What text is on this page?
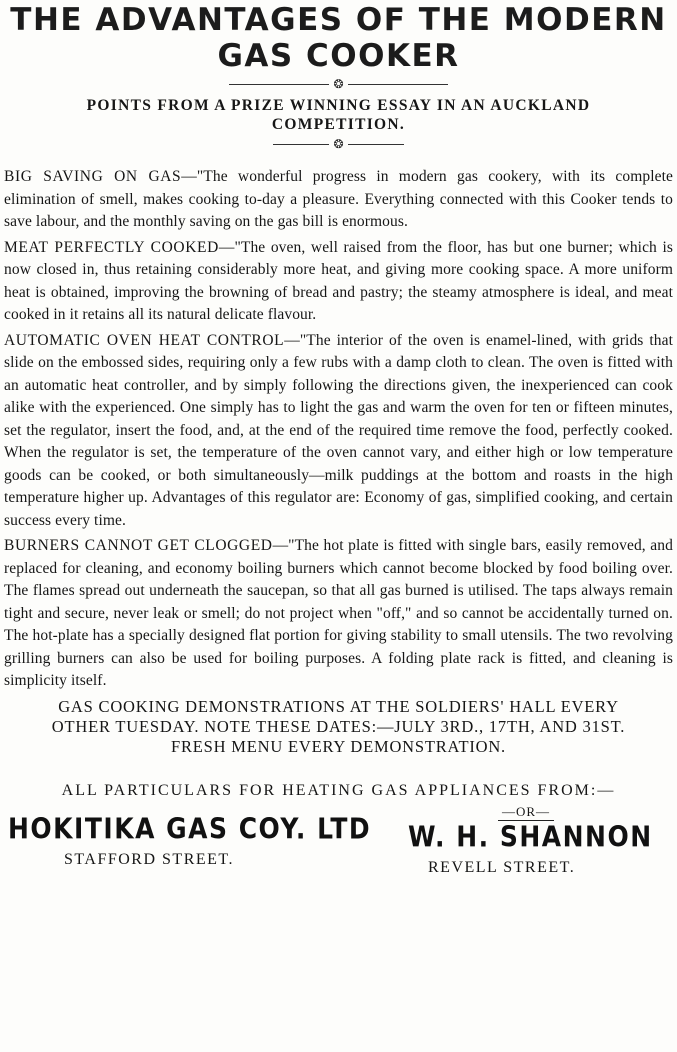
THE ADVANTAGES OF THE MODERN
GAS COOKER
❂
POINTS FROM A PRIZE WINNING ESSAY IN AN AUCKLAND
COMPETITION.
❂

BIG SAVING ON GAS—"The wonderful progress in modern gas cookery, with its complete elimination of smell, makes cooking to-day a pleasure. Everything connected with this Cooker tends to save labour, and the monthly saving on the gas bill is enormous.

MEAT PERFECTLY COOKED—"The oven, well raised from the floor, has but one burner; which is now closed in, thus retaining considerably more heat, and giving more cooking space. A more uniform heat is obtained, improving the browning of bread and pastry; the steamy atmosphere is ideal, and meat cooked in it retains all its natural delicate flavour.

AUTOMATIC OVEN HEAT CONTROL—"The interior of the oven is enamel-lined, with grids that slide on the embossed sides, requiring only a few rubs with a damp cloth to clean. The oven is fitted with an automatic heat controller, and by simply following the directions given, the inexperienced can cook alike with the experienced. One simply has to light the gas and warm the oven for ten or fifteen minutes, set the regulator, insert the food, and, at the end of the required time remove the food, perfectly cooked. When the regulator is set, the temperature of the oven cannot vary, and either high or low temperature goods can be cooked, or both simultaneously—milk puddings at the bottom and roasts in the high temperature higher up. Advantages of this regulator are: Economy of gas, simplified cooking, and certain success every time.

BURNERS CANNOT GET CLOGGED—"The hot plate is fitted with single bars, easily removed, and replaced for cleaning, and economy boiling burners which cannot become blocked by food boiling over. The flames spread out underneath the saucepan, so that all gas burned is utilised. The taps always remain tight and secure, never leak or smell; do not project when "off," and so cannot be accidentally turned on. The hot-plate has a specially designed flat portion for giving stability to small utensils. The two revolving grilling burners can also be used for boiling purposes. A folding plate rack is fitted, and cleaning is simplicity itself.

GAS COOKING DEMONSTRATIONS AT THE SOLDIERS' HALL EVERY
OTHER TUESDAY. NOTE THESE DATES:—JULY 3RD., 17TH, AND 31ST.
FRESH MENU EVERY DEMONSTRATION.
ALL PARTICULARS FOR HEATING GAS APPLIANCES FROM:—
HOKITIKA GAS COY. LTD
STAFFORD STREET.
—OR—
W. H. SHANNON
REVELL STREET.
